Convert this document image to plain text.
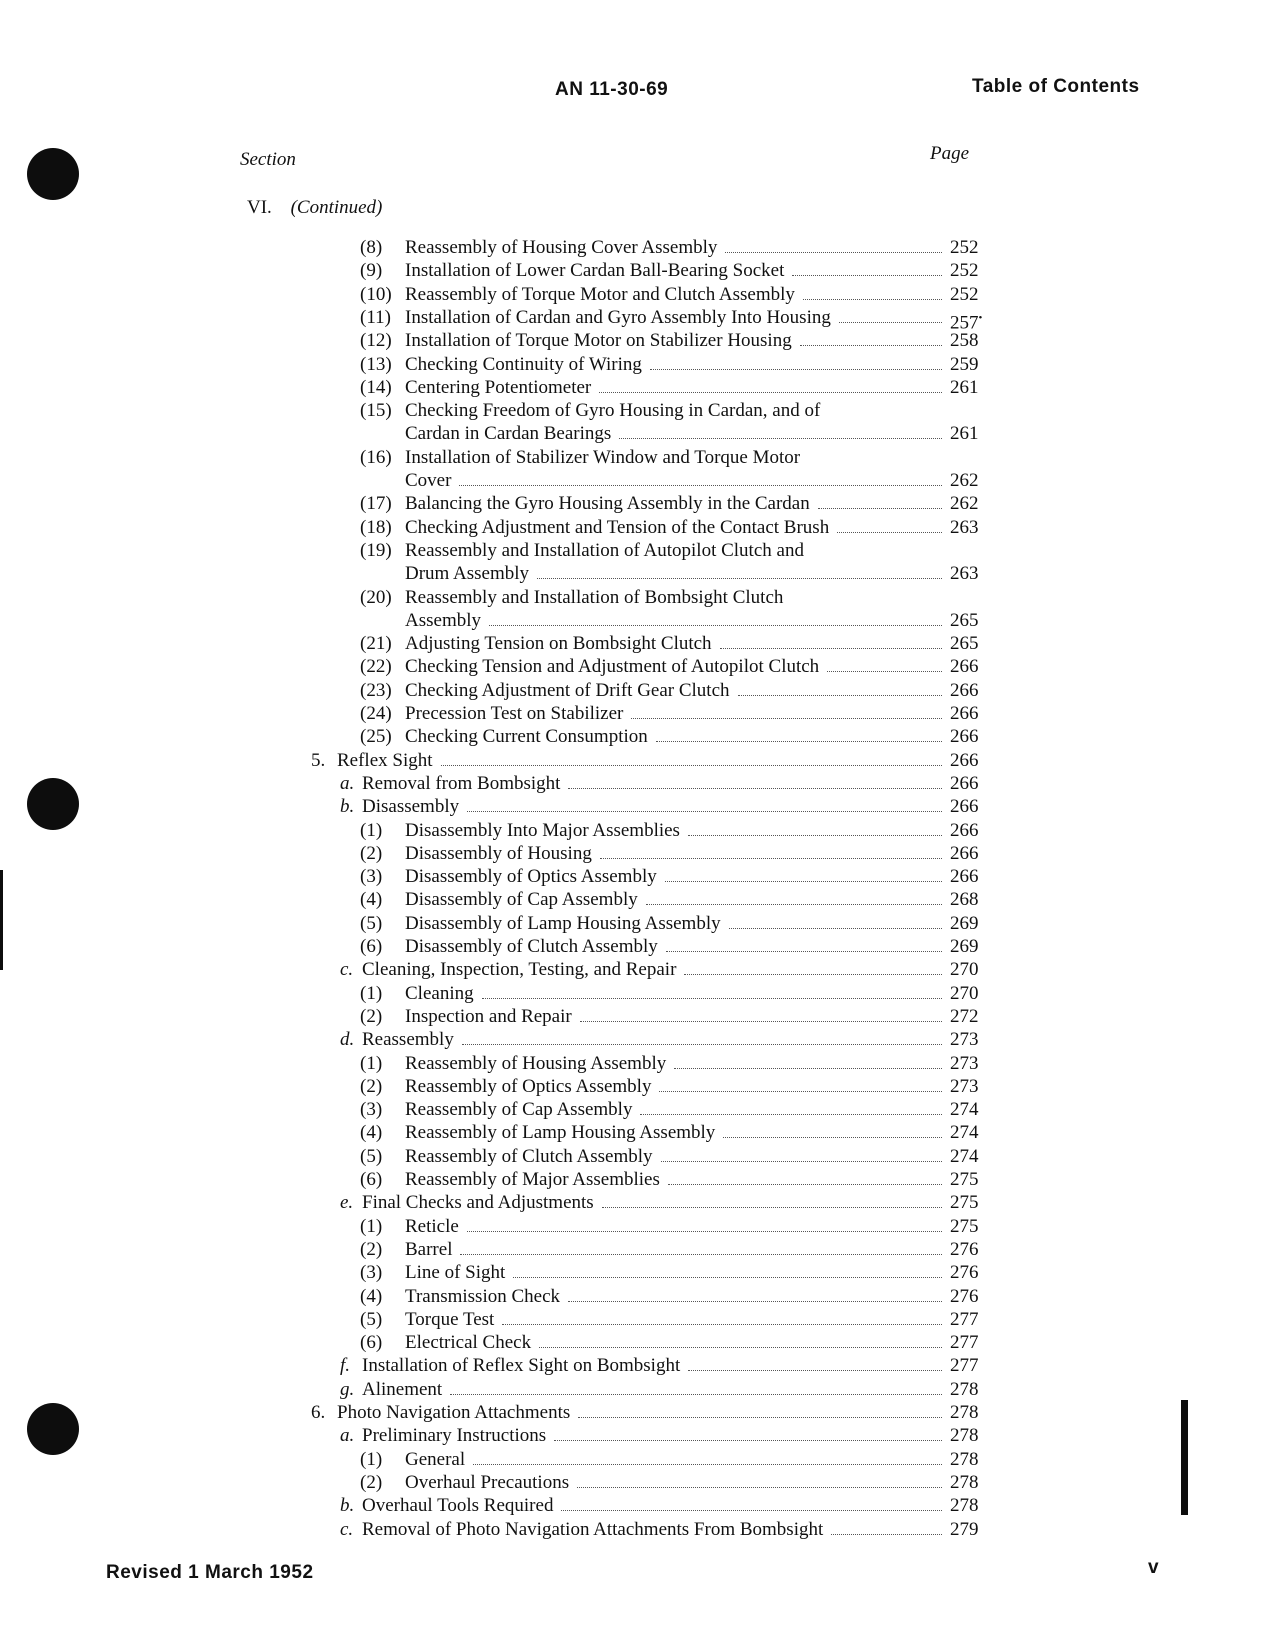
AN 11-30-69	Table of Contents
Section	Page
VI. (Continued)
(8) Reassembly of Housing Cover Assembly	252
(9) Installation of Lower Cardan Ball-Bearing Socket	252
(10) Reassembly of Torque Motor and Clutch Assembly	252
(11) Installation of Cardan and Gyro Assembly Into Housing	257•
(12) Installation of Torque Motor on Stabilizer Housing	258
(13) Checking Continuity of Wiring	259
(14) Centering Potentiometer	261
(15) Checking Freedom of Gyro Housing in Cardan, and of
Cardan in Cardan Bearings	261
(16) Installation of Stabilizer Window and Torque Motor
Cover	262
(17) Balancing the Gyro Housing Assembly in the Cardan	262
(18) Checking Adjustment and Tension of the Contact Brush	263
(19) Reassembly and Installation of Autopilot Clutch and
Drum Assembly	263
(20) Reassembly and Installation of Bombsight Clutch
Assembly	265
(21) Adjusting Tension on Bombsight Clutch	265
(22) Checking Tension and Adjustment of Autopilot Clutch	266
(23) Checking Adjustment of Drift Gear Clutch	266
(24) Precession Test on Stabilizer	266
(25) Checking Current Consumption	266
5. Reflex Sight	266
a. Removal from Bombsight	266
b. Disassembly	266
(1) Disassembly Into Major Assemblies	266
(2) Disassembly of Housing	266
(3) Disassembly of Optics Assembly	266
(4) Disassembly of Cap Assembly	268
(5) Disassembly of Lamp Housing Assembly	269
(6) Disassembly of Clutch Assembly	269
c. Cleaning, Inspection, Testing, and Repair	270
(1) Cleaning	270
(2) Inspection and Repair	272
d. Reassembly	273
(1) Reassembly of Housing Assembly	273
(2) Reassembly of Optics Assembly	273
(3) Reassembly of Cap Assembly	274
(4) Reassembly of Lamp Housing Assembly	274
(5) Reassembly of Clutch Assembly	274
(6) Reassembly of Major Assemblies	275
e. Final Checks and Adjustments	275
(1) Reticle	275
(2) Barrel	276
(3) Line of Sight	276
(4) Transmission Check	276
(5) Torque Test	277
(6) Electrical Check	277
f. Installation of Reflex Sight on Bombsight	277
g. Alinement	278
6. Photo Navigation Attachments	278
a. Preliminary Instructions	278
(1) General	278
(2) Overhaul Precautions	278
b. Overhaul Tools Required	278
c. Removal of Photo Navigation Attachments From Bombsight	279
Revised 1 March 1952	v
